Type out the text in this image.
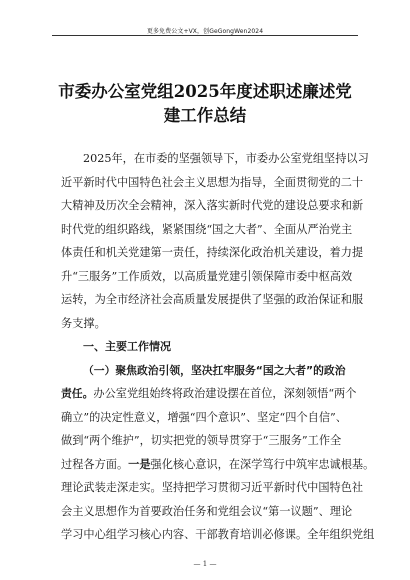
更多免费公文+VX，创GeGongWen2024
市委办公室党组2025年度述职述廉述党
建工作总结
2025年，在市委的坚强领导下，市委办公室党组坚持以习
近平新时代中国特色社会主义思想为指导，全面贯彻党的二十
大精神及历次全会精神，深入落实新时代党的建设总要求和新
时代党的组织路线，紧紧围绕“国之大者”、全面从严治党主
体责任和机关党建第一责任，持续深化政治机关建设，着力提
升“三服务”工作质效，以高质量党建引领保障市委中枢高效
运转，为全市经济社会高质量发展提供了坚强的政治保证和服
务支撑。
一、主要工作情况
（一）聚焦政治引领，坚决扛牢服务“国之大者”的政治
责任。办公室党组始终将政治建设摆在首位，深刻领悟“两个
确立”的决定性意义，增强“四个意识”、坚定“四个自信”、
做到“两个维护”，切实把党的领导贯穿于“三服务”工作全
过程各方面。一是强化核心意识，在深学笃行中筑牢忠诚根基。
理论武装走深走实。坚持把学习贯彻习近平新时代中国特色社
会主义思想作为首要政治任务和党组会议“第一议题”、理论
学习中心组学习核心内容、干部教育培训必修课。全年组织党组
— 1 —
